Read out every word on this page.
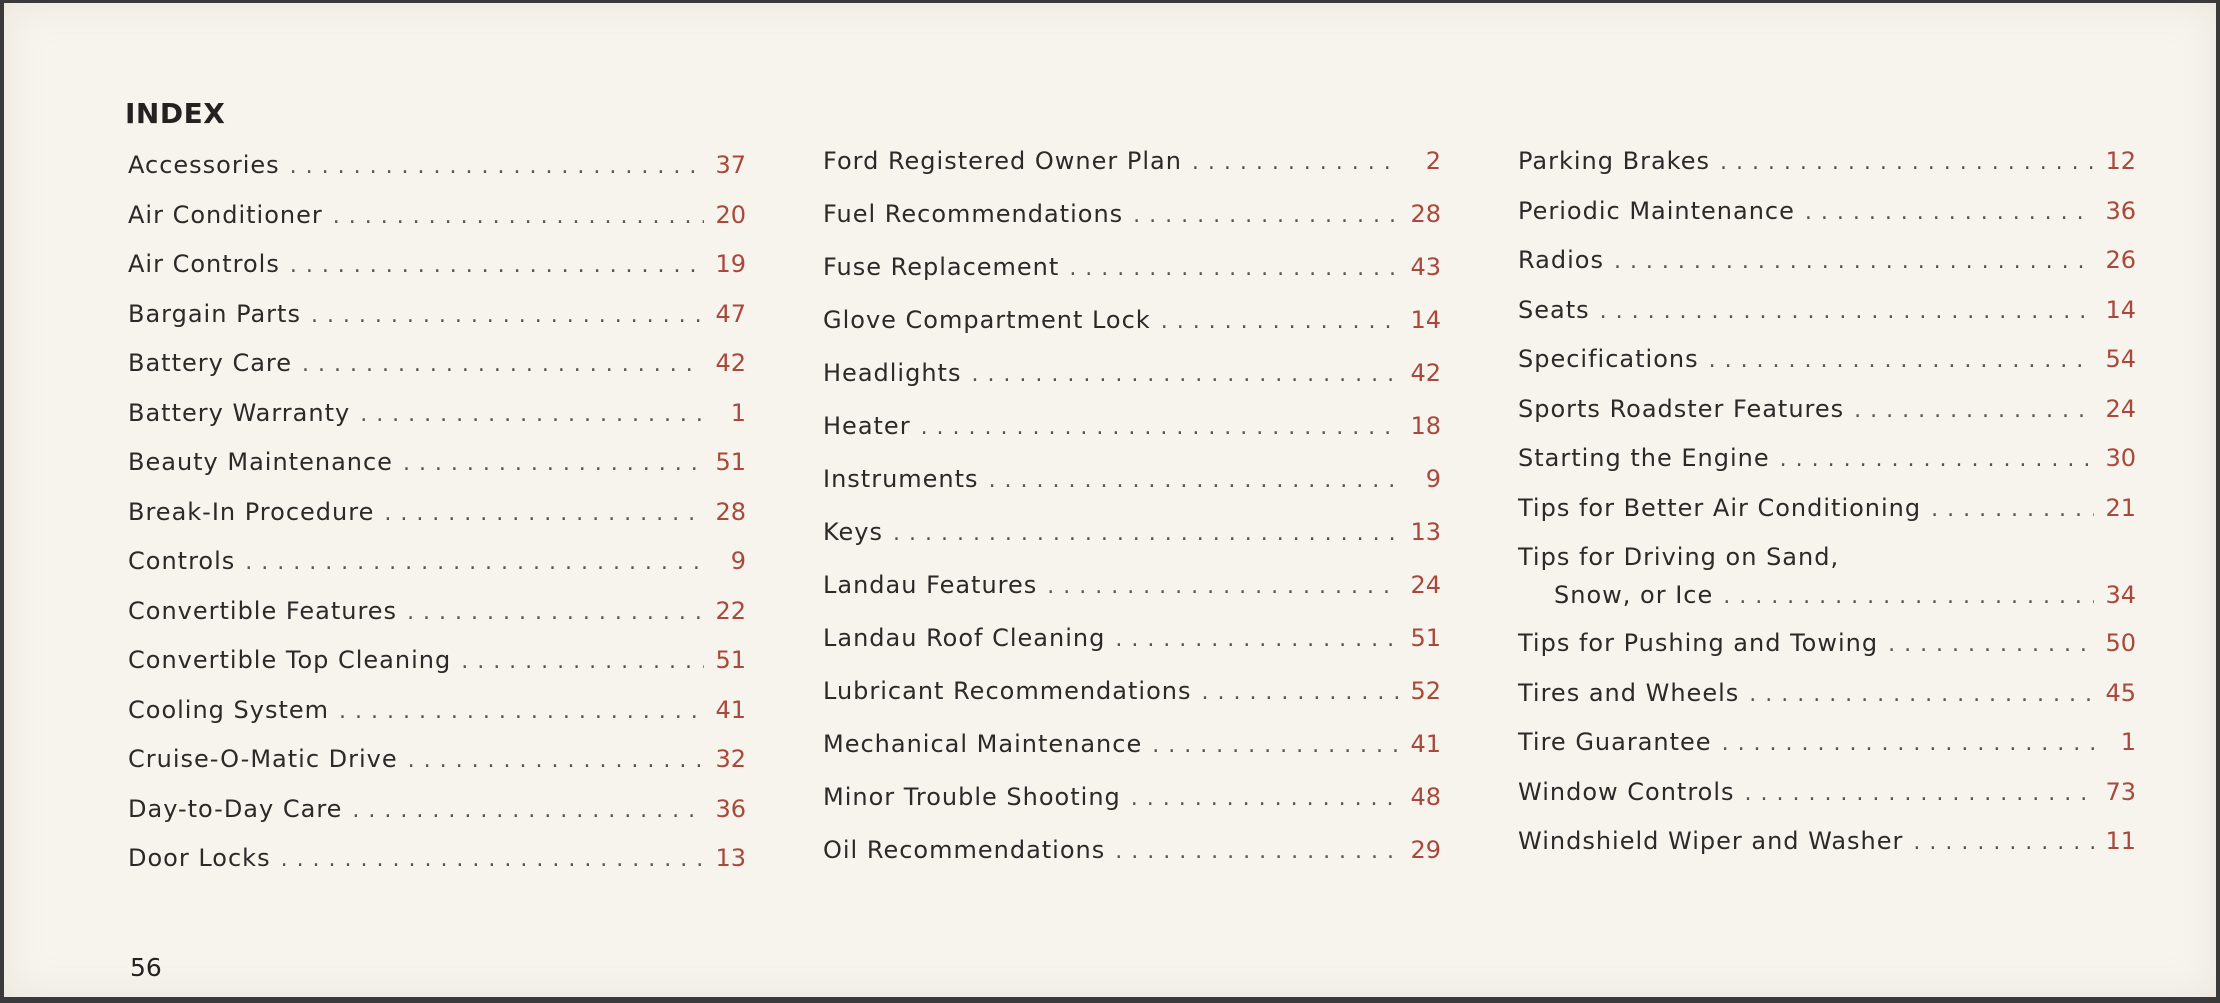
INDEX
Accessories . . .	37
Air Conditioner . . .	20
Air Controls . . .	19
Bargain Parts . . .	47
Battery Care . . .	42
Battery Warranty . . .	1
Beauty Maintenance . . .	51
Break-In Procedure . . .	28
Controls . . .	9
Convertible Features . . .	22
Convertible Top Cleaning . . .	51
Cooling System . . .	41
Cruise-O-Matic Drive . . .	32
Day-to-Day Care . . .	36
Door Locks . . .	13
Ford Registered Owner Plan . . .	2
Fuel Recommendations . . .	28
Fuse Replacement . . .	43
Glove Compartment Lock . . .	14
Headlights . . .	42
Heater . . .	18
Instruments . . .	9
Keys . . .	13
Landau Features . . .	24
Landau Roof Cleaning . . .	51
Lubricant Recommendations . . .	52
Mechanical Maintenance . . .	41
Minor Trouble Shooting . . .	48
Oil Recommendations . . .	29
Parking Brakes . . .	12
Periodic Maintenance . . .	36
Radios . . .	26
Seats . . .	14
Specifications . . .	54
Sports Roadster Features . . .	24
Starting the Engine . . .	30
Tips for Better Air Conditioning . . .	21
Tips for Driving on Sand,
Snow, or Ice . . .	34
Tips for Pushing and Towing . . .	50
Tires and Wheels . . .	45
Tire Guarantee . . .	1
Window Controls . . .	73
Windshield Wiper and Washer . . .	11
56
